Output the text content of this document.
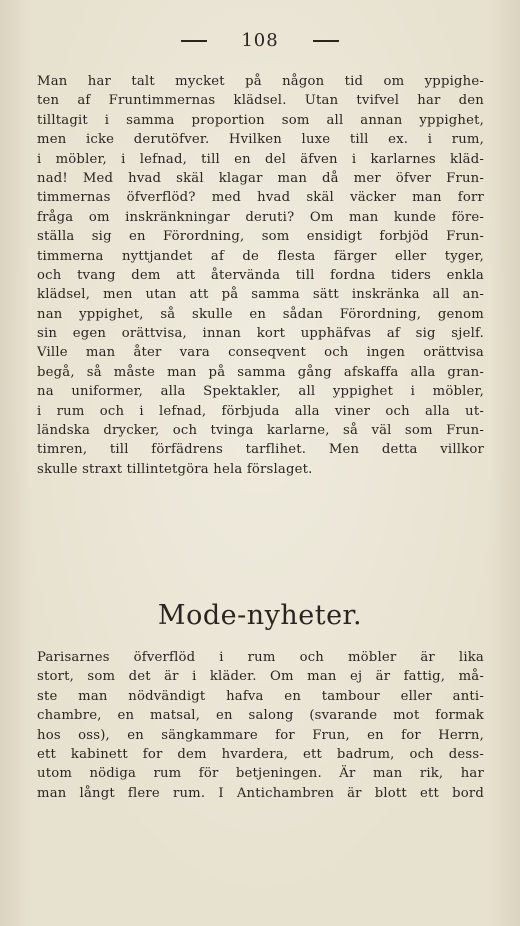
108
Man har talt mycket på någon tid om yppighe-
ten af Fruntimmernas klädsel. Utan tvifvel har den
tilltagit i samma proportion som all annan yppighet,
men icke derutöfver. Hvilken luxe till ex. i rum,
i möbler, i lefnad, till en del äfven i karlarnes kläd-
nad! Med hvad skäl klagar man då mer öfver Frun-
timmernas öfverflöd? med hvad skäl väcker man forr
fråga om inskränkningar deruti? Om man kunde före-
ställa sig en Förordning, som ensidigt forbjöd Frun-
timmerna nyttjandet af de flesta färger eller tyger,
och tvang dem att återvända till fordna tiders enkla
klädsel, men utan att på samma sätt inskränka all an-
nan yppighet, så skulle en sådan Förordning, genom
sin egen orättvisa, innan kort upphäfvas af sig sjelf.
Ville man åter vara conseqvent och ingen orättvisa
begå, så måste man på samma gång afskaffa alla gran-
na uniformer, alla Spektakler, all yppighet i möbler,
i rum och i lefnad, förbjuda alla viner och alla ut-
ländska drycker, och tvinga karlarne, så väl som Frun-
timren, till förfädrens tarflihet. Men detta villkor
skulle straxt tillintetgöra hela förslaget.
Mode-nyheter.
Parisarnes öfverflöd i rum och möbler är lika
stort, som det är i kläder. Om man ej är fattig, må-
ste man nödvändigt hafva en tambour eller anti-
chambre, en matsal, en salong (svarande mot formak
hos oss), en sängkammare for Frun, en for Herrn,
ett kabinett for dem hvardera, ett badrum, och dess-
utom nödiga rum för betjeningen. Är man rik, har
man långt flere rum. I Antichambren är blott ett bord
